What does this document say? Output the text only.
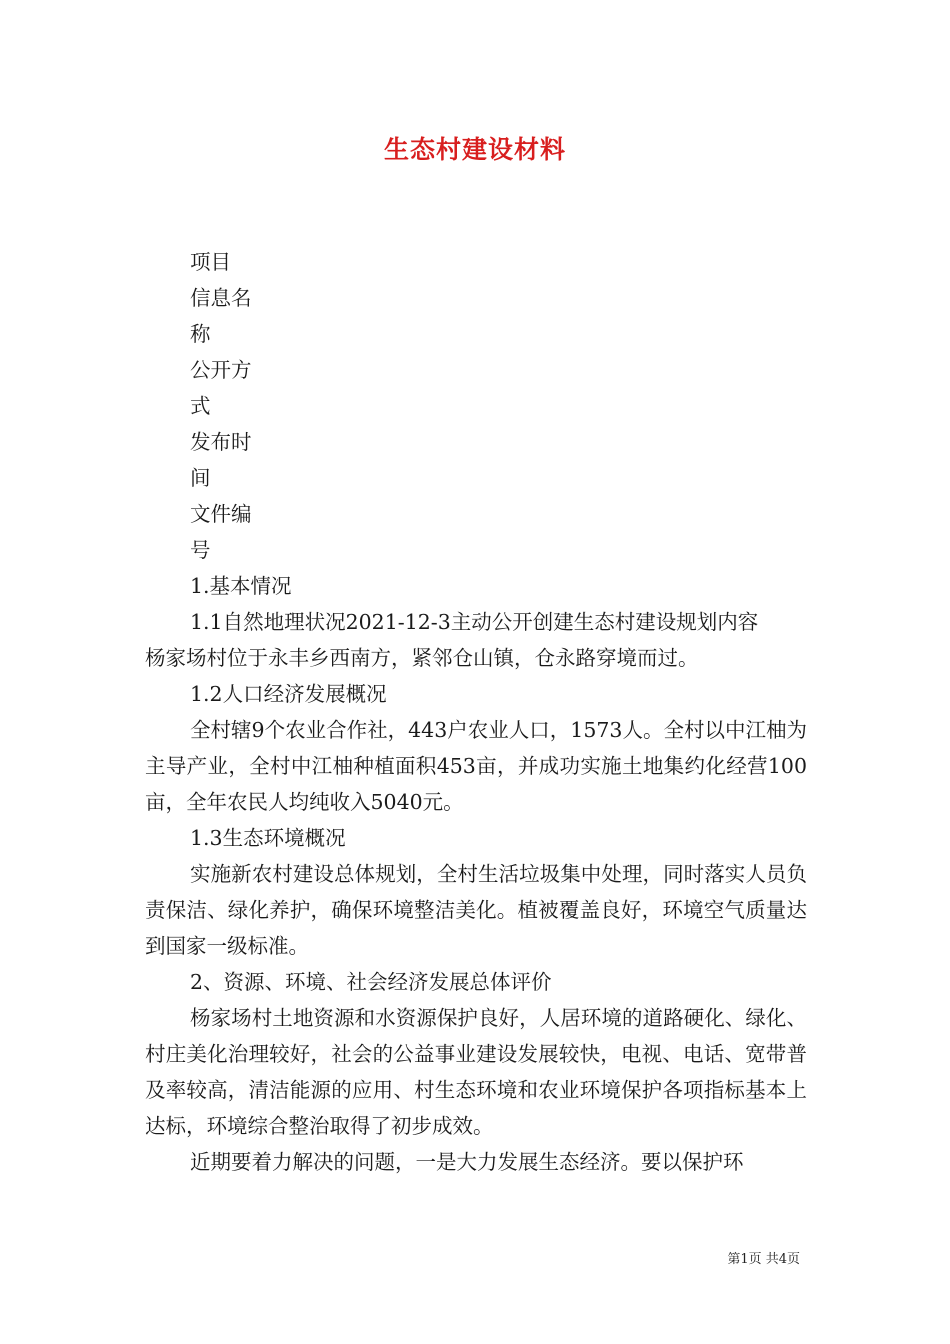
生态村建设材料
项目
信息名
称
公开方
式
发布时
间
文件编
号
1.基本情况
1.1自然地理状况2021-12-3主动公开创建生态村建设规划内容
杨家场村位于永丰乡西南方，紧邻仓山镇，仓永路穿境而过。
1.2人口经济发展概况
全村辖9个农业合作社，443户农业人口，1573人。全村以中江柚为主导产业，全村中江柚种植面积453亩，并成功实施土地集约化经营100亩，全年农民人均纯收入5040元。
1.3生态环境概况
实施新农村建设总体规划，全村生活垃圾集中处理，同时落实人员负责保洁、绿化养护，确保环境整洁美化。植被覆盖良好，环境空气质量达到国家一级标准。
2、资源、环境、社会经济发展总体评价
杨家场村土地资源和水资源保护良好，人居环境的道路硬化、绿化、村庄美化治理较好，社会的公益事业建设发展较快，电视、电话、宽带普及率较高，清洁能源的应用、村生态环境和农业环境保护各项指标基本上达标，环境综合整治取得了初步成效。
近期要着力解决的问题，一是大力发展生态经济。要以保护环
第1页 共4页
